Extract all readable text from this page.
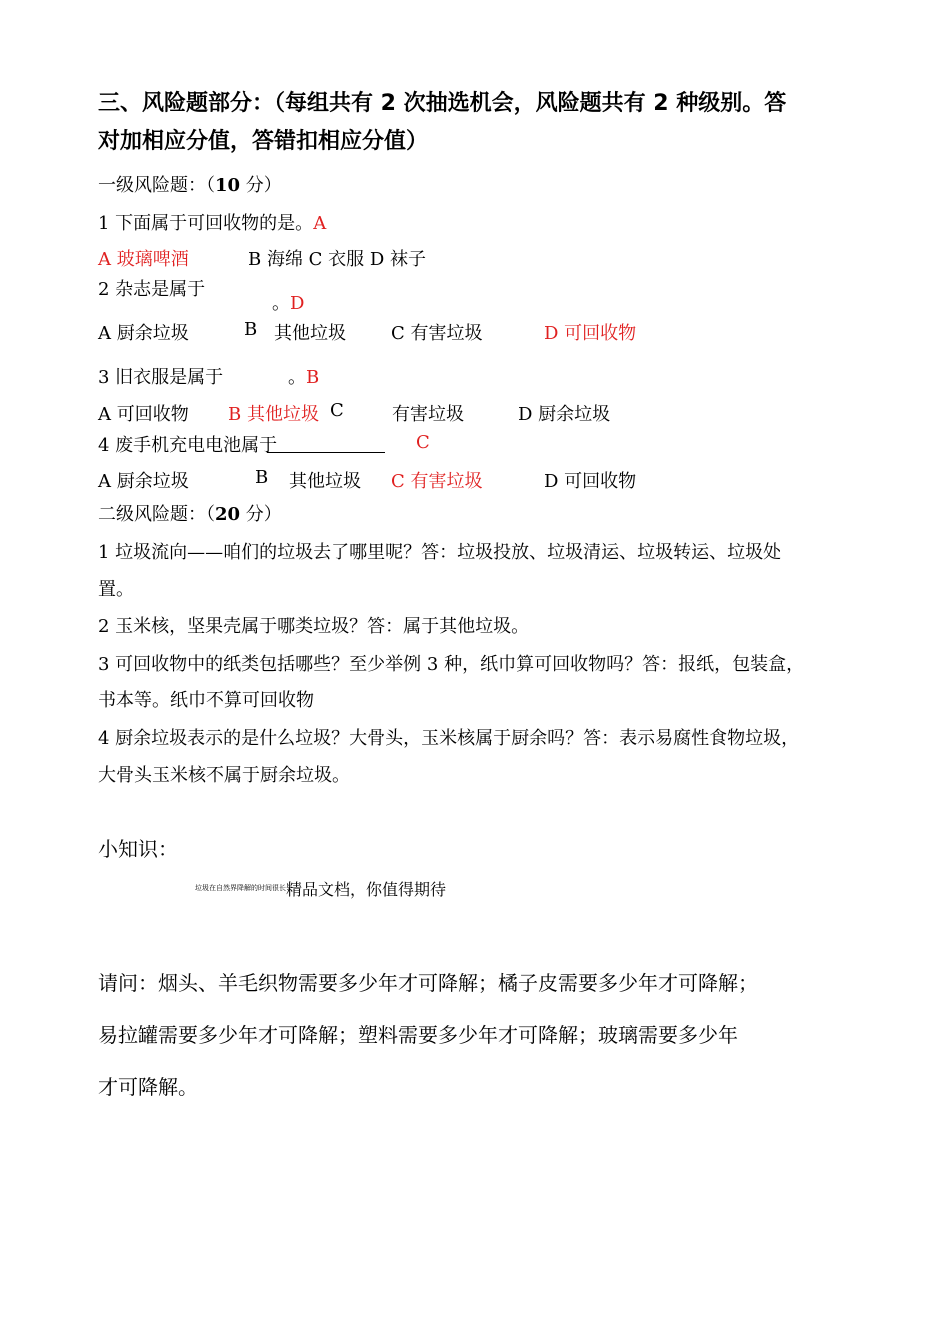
三、风险题部分：（每组共有 2 次抽选机会，风险题共有 2 种级别。答
对加相应分值，答错扣相应分值）
一级风险题：（10 分）
1 下面属于可回收物的是。A
A 玻璃啤酒	B 海绵 C 衣服 D 袜子
2 杂志是属于
。D
A 厨余垃圾	B 其他垃圾	C 有害垃圾	D 可回收物
3 旧衣服是属于	。B
A 可回收物 B 其他垃圾 C	有害垃圾	D 厨余垃圾
4 废手机充电电池属于	C
A 厨余垃圾	B 其他垃圾 C 有害垃圾	D 可回收物
二级风险题：（20 分）
1 垃圾流向——咱们的垃圾去了哪里呢？答：垃圾投放、垃圾清运、垃圾转运、垃圾处
置。
2 玉米核，坚果壳属于哪类垃圾？答：属于其他垃圾。
3 可回收物中的纸类包括哪些？至少举例 3 种，纸巾算可回收物吗？答：报纸，包装盒，
书本等。纸巾不算可回收物
4 厨余垃圾表示的是什么垃圾？大骨头，玉米核属于厨余吗？答：表示易腐性食物垃圾，
大骨头玉米核不属于厨余垃圾。
小知识：
垃圾在自然界降解的时间很长：
精品文档，你值得期待
请问：烟头、羊毛织物需要多少年才可降解；橘子皮需要多少年才可降解；
易拉罐需要多少年才可降解；塑料需要多少年才可降解；玻璃需要多少年
才可降解。
